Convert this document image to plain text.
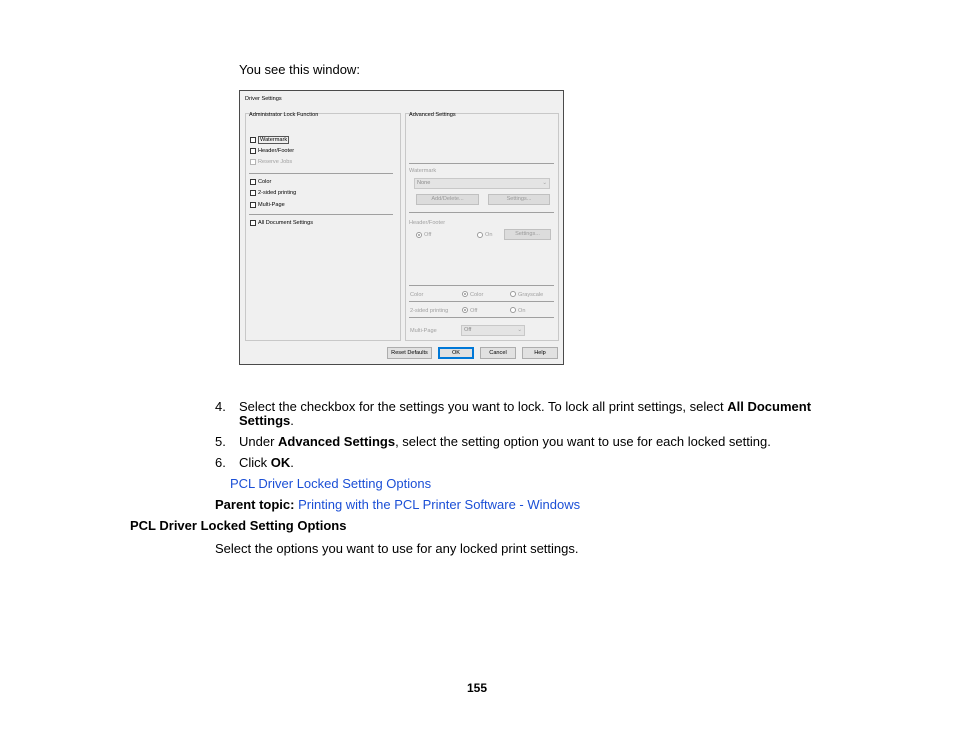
You see this window:
Driver Settings
Administrator Lock Function
Watermark
Header/Footer
Reserve Jobs
Color
2-sided printing
Multi-Page
All Document Settings
Advanced Settings
Watermark
None	⌄
Add/Delete...	Settings...
Header/Footer
Off	On	Settings...
Color	Color	Grayscale
2-sided printing	Off	On
Multi-Page	Off	⌄
Reset Defaults	OK	Cancel	Help
4. Select the checkbox for the settings you want to lock. To lock all print settings, select All Document
Settings.
5. Under Advanced Settings, select the setting option you want to use for each locked setting.
6. Click OK.
PCL Driver Locked Setting Options
Parent topic: Printing with the PCL Printer Software - Windows
PCL Driver Locked Setting Options
Select the options you want to use for any locked print settings.
155
